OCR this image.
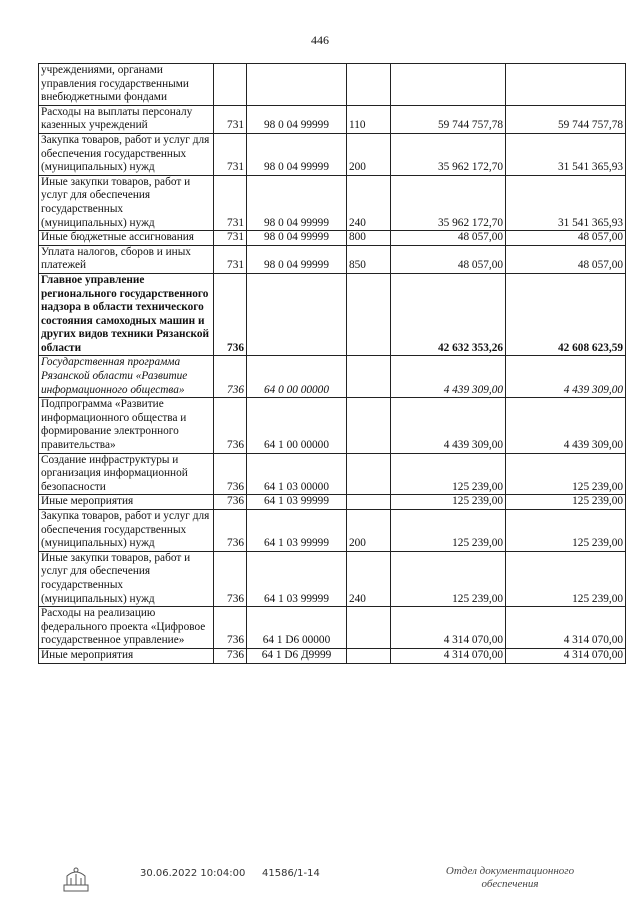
446
учреждениями, органами управления государственными внебюджетными фондами					
Расходы на выплаты персоналу казенных учреждений	731	98 0 04 99999	110	59 744 757,78	59 744 757,78
Закупка товаров, работ и услуг для обеспечения государственных (муниципальных) нужд	731	98 0 04 99999	200	35 962 172,70	31 541 365,93
Иные закупки товаров, работ и услуг для обеспечения государственных (муниципальных) нужд	731	98 0 04 99999	240	35 962 172,70	31 541 365,93
Иные бюджетные ассигнования	731	98 0 04 99999	800	48 057,00	48 057,00
Уплата налогов, сборов и иных платежей	731	98 0 04 99999	850	48 057,00	48 057,00
Главное управление регионального государственного надзора в области технического состояния самоходных машин и других видов техники Рязанской области	736			42 632 353,26	42 608 623,59
Государственная программа Рязанской области «Развитие информационного общества»	736	64 0 00 00000		4 439 309,00	4 439 309,00
Подпрограмма «Развитие информационного общества и формирование электронного правительства»	736	64 1 00 00000		4 439 309,00	4 439 309,00
Создание инфраструктуры и организация информационной безопасности	736	64 1 03 00000		125 239,00	125 239,00
Иные мероприятия	736	64 1 03 99999		125 239,00	125 239,00
Закупка товаров, работ и услуг для обеспечения государственных (муниципальных) нужд	736	64 1 03 99999	200	125 239,00	125 239,00
Иные закупки товаров, работ и услуг для обеспечения государственных (муниципальных) нужд	736	64 1 03 99999	240	125 239,00	125 239,00
Расходы на реализацию федерального проекта «Цифровое государственное управление»	736	64 1 D6 00000		4 314 070,00	4 314 070,00
Иные мероприятия	736	64 1 D6 Д9999		4 314 070,00	4 314 070,00
30.06.2022 10:04:00 41586/1-14	Отдел документационного обеспечения
